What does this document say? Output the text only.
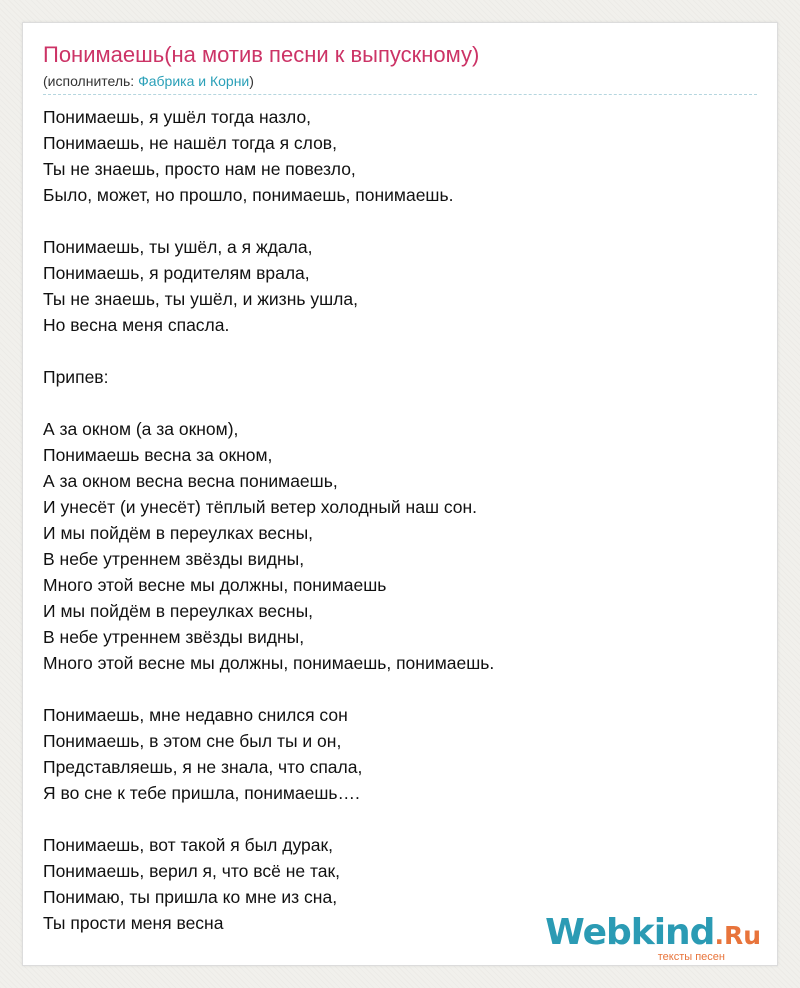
Понимаешь(на мотив песни к выпускному)
(исполнитель: Фабрика и Корни)
Понимаешь, я ушёл тогда назло,
Понимаешь, не нашёл тогда я слов,
Ты не знаешь, просто нам не повезло,
Было, может, но прошло, понимаешь, понимаешь.
Понимаешь, ты ушёл, а я ждала,
Понимаешь, я родителям врала,
Ты не знаешь, ты ушёл, и жизнь ушла,
Но весна меня спасла.
Припев:
А за окном (а за окном),
Понимаешь весна за окном,
А за окном весна весна понимаешь,
И унесёт (и унесёт) тёплый ветер холодный наш сон.
И мы пойдём в переулках весны,
В небе утреннем звёзды видны,
Много этой весне мы должны, понимаешь
И мы пойдём в переулках весны,
В небе утреннем звёзды видны,
Много этой весне мы должны, понимаешь, понимаешь.
Понимаешь, мне недавно снился сон
Понимаешь, в этом сне был ты и он,
Представляешь, я не знала, что спала,
Я во сне к тебе пришла, понимаешь….
Понимаешь, вот такой я был дурак,
Понимаешь, верил я, что всё не так,
Понимаю, ты пришла ко мне из сна,
Ты прости меня весна	Webkind.Ru
тексты песен
